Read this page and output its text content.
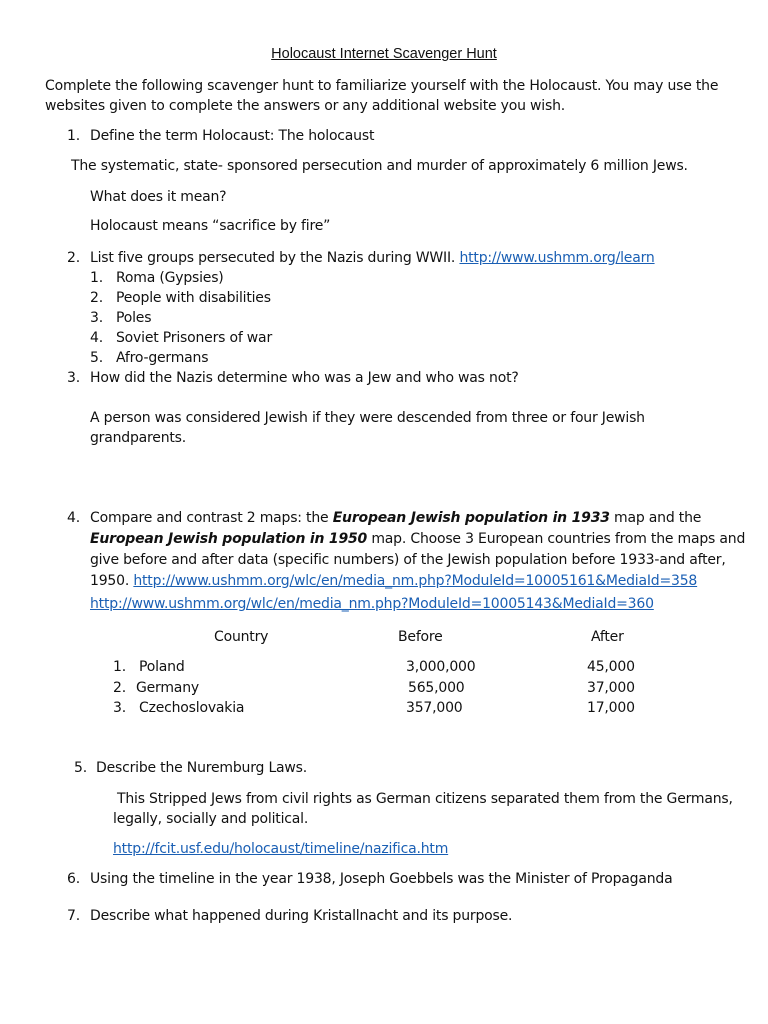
Holocaust Internet Scavenger Hunt
Complete the following scavenger hunt to familiarize yourself with the Holocaust. You may use the
websites given to complete the answers or any additional website you wish.
1. Define the term Holocaust: The holocaust
The systematic, state- sponsored persecution and murder of approximately 6 million Jews.
What does it mean?
Holocaust means “sacrifice by fire”
2. List five groups persecuted by the Nazis during WWII. http://www.ushmm.org/learn
1. Roma (Gypsies)
2. People with disabilities
3. Poles
4. Soviet Prisoners of war
5. Afro-germans
3. How did the Nazis determine who was a Jew and who was not?
A person was considered Jewish if they were descended from three or four Jewish
grandparents.
4. Compare and contrast 2 maps: the European Jewish population in 1933 map and the
European Jewish population in 1950 map. Choose 3 European countries from the maps and
give before and after data (specific numbers) of the Jewish population before 1933-and after,
1950. http://www.ushmm.org/wlc/en/media_nm.php?ModuleId=10005161&MediaId=358
http://www.ushmm.org/wlc/en/media_nm.php?ModuleId=10005143&MediaId=360
Country	Before	After
1. Poland	3,000,000	45,000
2. Germany	565,000	37,000
3. Czechoslovakia	357,000	17,000
5. Describe the Nuremburg Laws.
This Stripped Jews from civil rights as German citizens separated them from the Germans,
legally, socially and political.
http://fcit.usf.edu/holocaust/timeline/nazifica.htm
6. Using the timeline in the year 1938, Joseph Goebbels was the Minister of Propaganda
7. Describe what happened during Kristallnacht and its purpose.
